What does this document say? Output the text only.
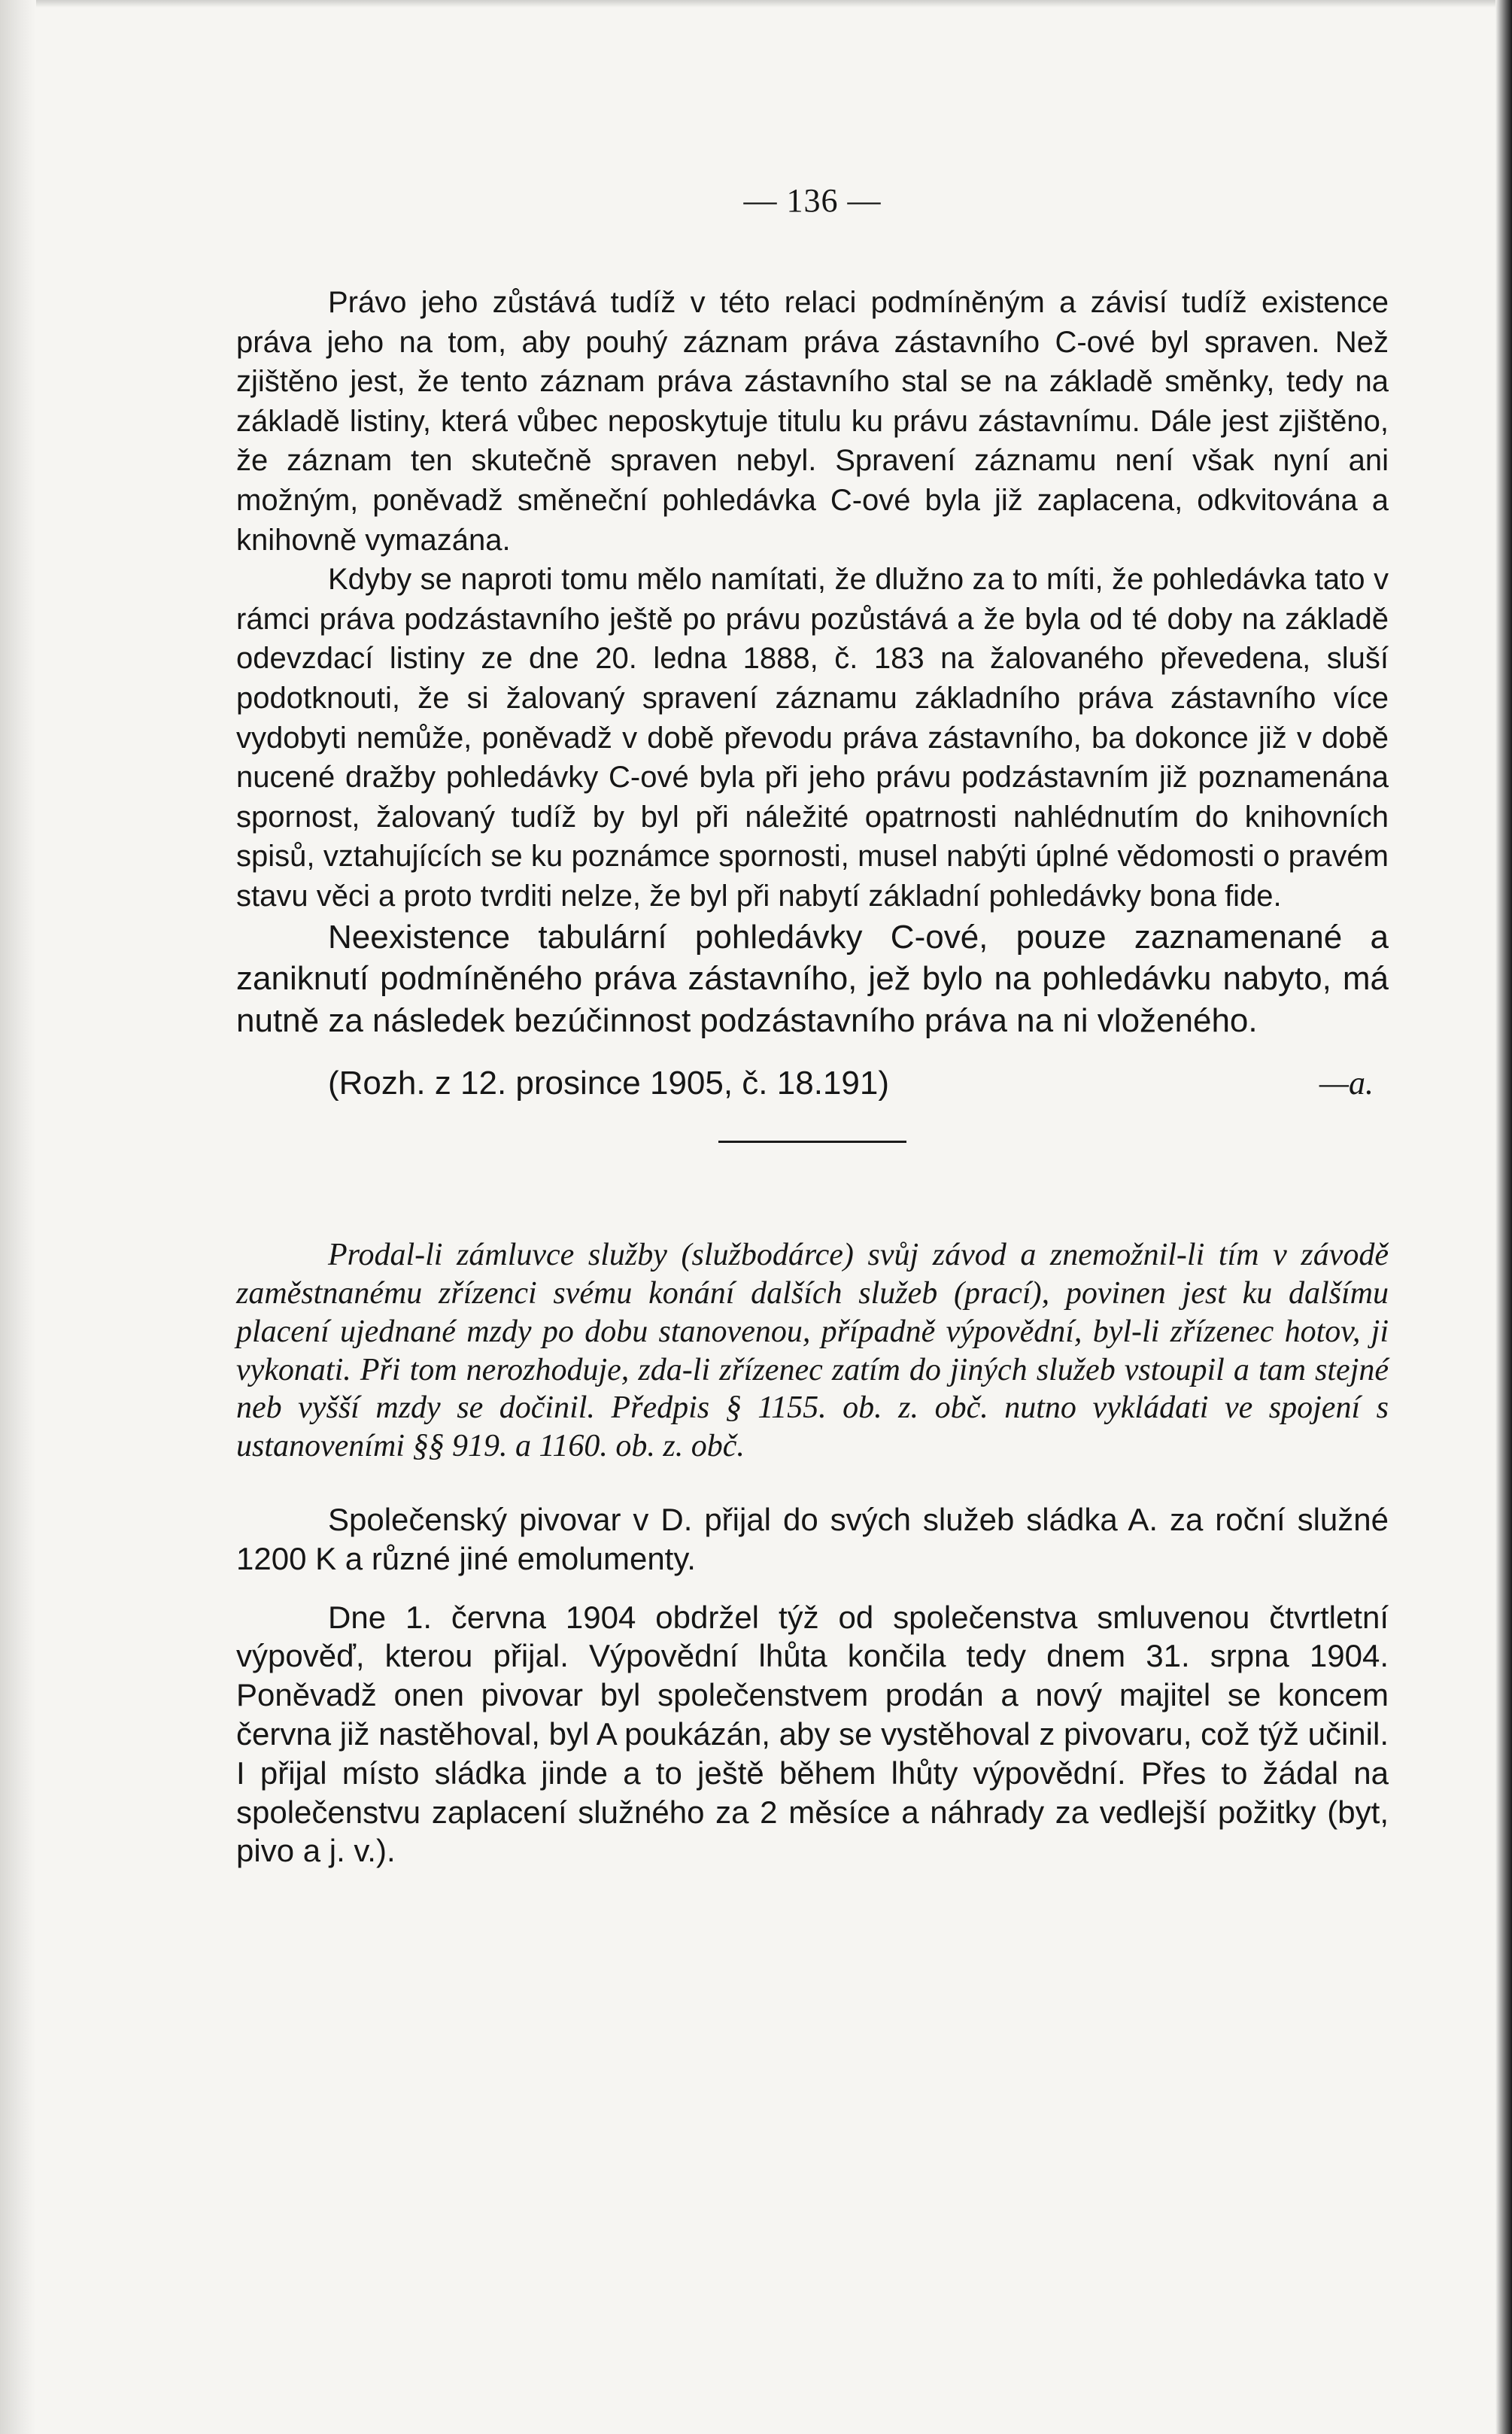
— 136 —

Právo jeho zůstává tudíž v této relaci podmíněným a závisí tudíž existence práva jeho na tom, aby pouhý záznam práva zástavního C-ové byl spraven. Než zjištěno jest, že tento záznam práva zástavního stal se na základě směnky, tedy na základě listiny, která vůbec neposkytuje titulu ku právu zástavnímu. Dále jest zjištěno, že záznam ten skutečně spraven nebyl. Spravení záznamu není však nyní ani možným, poněvadž směneční pohledávka C-ové byla již zaplacena, odkvitována a knihovně vymazána.

Kdyby se naproti tomu mělo namítati, že dlužno za to míti, že pohledávka tato v rámci práva podzástavního ještě po právu pozůstává a že byla od té doby na základě odevzdací listiny ze dne 20. ledna 1888, č. 183 na žalovaného převedena, sluší podotknouti, že si žalovaný spravení záznamu základního práva zástavního více vydobyti nemůže, poněvadž v době převodu práva zástavního, ba dokonce již v době nucené dražby pohledávky C-ové byla při jeho právu podzástavním již poznamenána spornost, žalovaný tudíž by byl při náležité opatrnosti nahlédnutím do knihovních spisů, vztahujících se ku poznámce spornosti, musel nabýti úplné vědomosti o pravém stavu věci a proto tvrditi nelze, že byl při nabytí základní pohledávky bona fide.

Neexistence tabulární pohledávky C-ové, pouze zaznamenané a zaniknutí podmíněného práva zástavního, jež bylo na pohledávku nabyto, má nutně za následek bezúčinnost podzástavního práva na ni vloženého.

(Rozh. z 12. prosince 1905, č. 18.191)	—a.

Prodal-li zámluvce služby (službodárce) svůj závod a znemožnil-li tím v závodě zaměstnanému zřízenci svému konání dalších služeb (prací), povinen jest ku dalšímu placení ujednané mzdy po dobu stanovenou, případně výpovědní, byl-li zřízenec hotov, ji vykonati. Při tom nerozhoduje, zda-li zřízenec zatím do jiných služeb vstoupil a tam stejné neb vyšší mzdy se dočinil. Předpis § 1155. ob. z. obč. nutno vykládati ve spojení s ustanoveními §§ 919. a 1160. ob. z. obč.

Společenský pivovar v D. přijal do svých služeb sládka A. za roční služné 1200 K a různé jiné emolumenty.

Dne 1. června 1904 obdržel týž od společenstva smluvenou čtvrtletní výpověď, kterou přijal. Výpovědní lhůta končila tedy dnem 31. srpna 1904. Poněvadž onen pivovar byl společenstvem prodán a nový majitel se koncem června již nastěhoval, byl A poukázán, aby se vystěhoval z pivovaru, což týž učinil. I přijal místo sládka jinde a to ještě během lhůty výpovědní. Přes to žádal na společenstvu zaplacení služného za 2 měsíce a náhrady za vedlejší požitky (byt, pivo a j. v.).
